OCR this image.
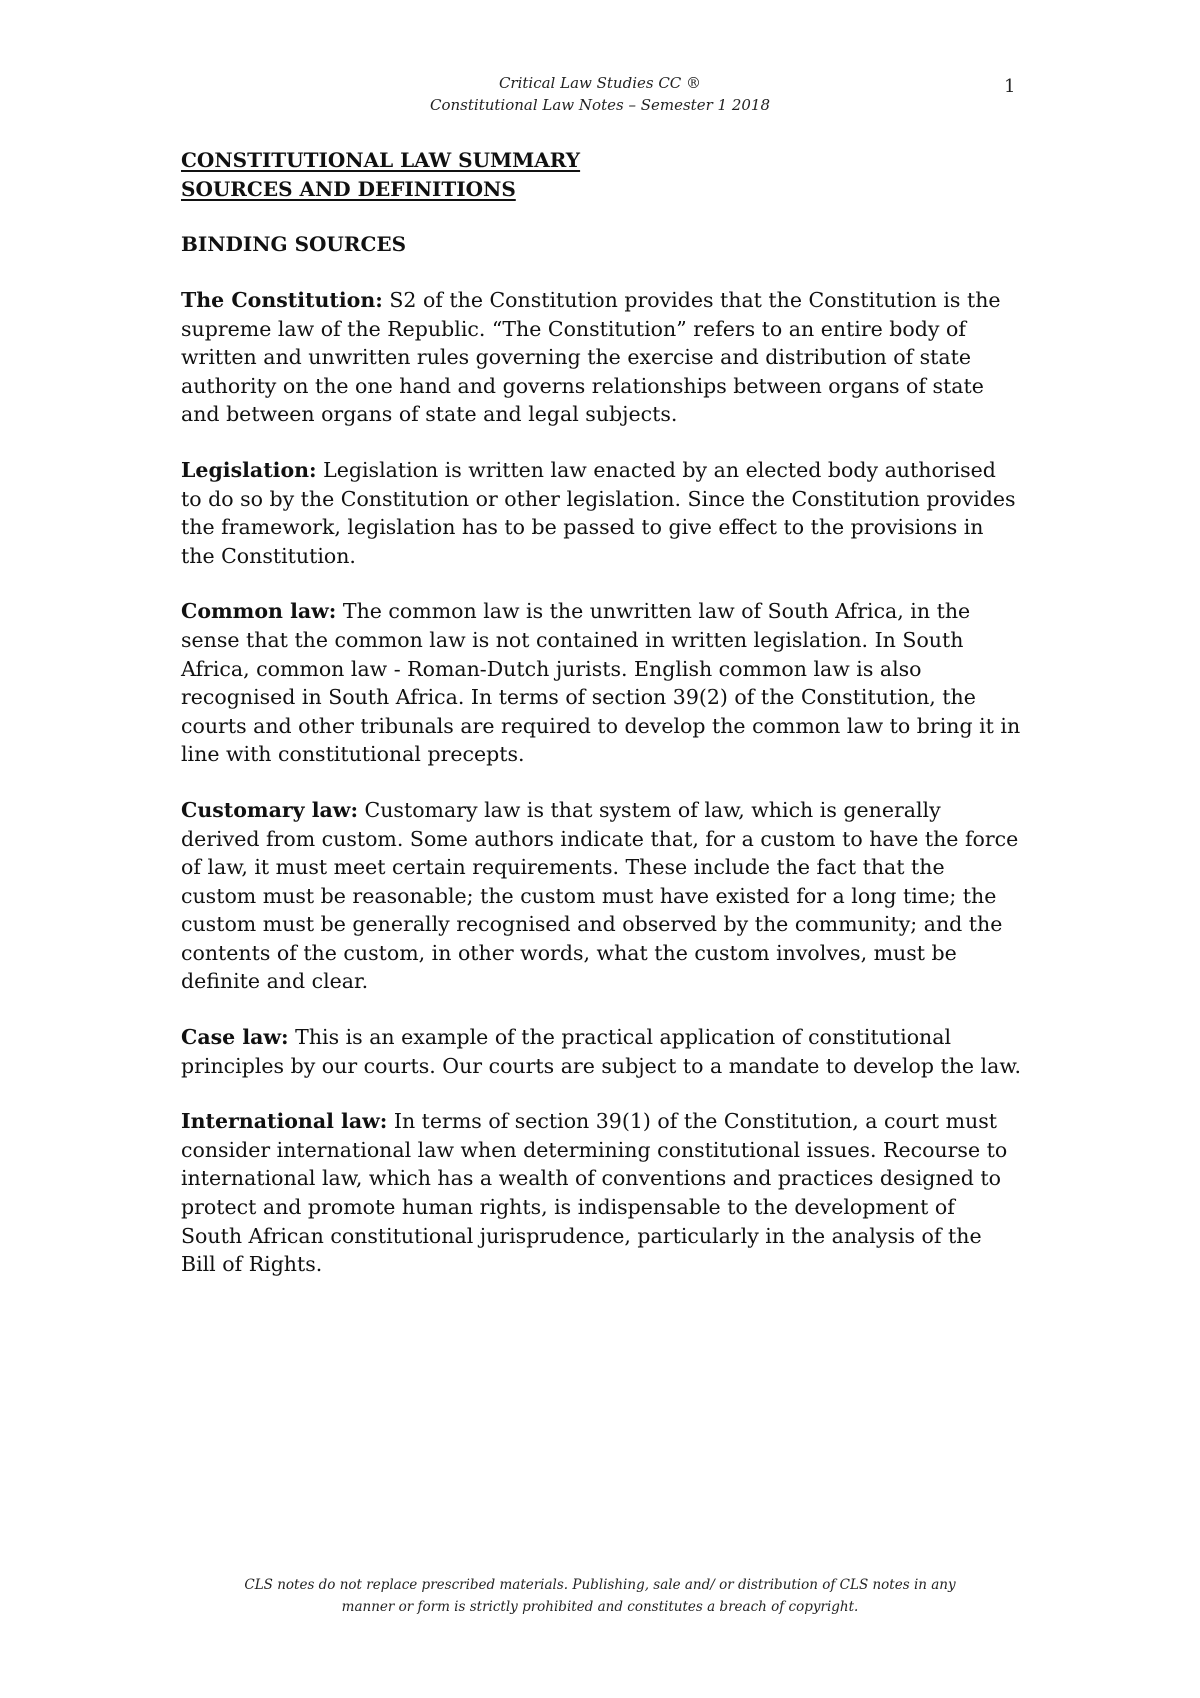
Critical Law Studies CC ®
Constitutional Law Notes – Semester 1 2018
1

CONSTITUTIONAL LAW SUMMARY

SOURCES AND DEFINITIONS

BINDING SOURCES

The Constitution: S2 of the Constitution provides that the Constitution is the supreme law of the Republic. “The Constitution” refers to an entire body of written and unwritten rules governing the exercise and distribution of state authority on the one hand and governs relationships between organs of state and between organs of state and legal subjects.

Legislation: Legislation is written law enacted by an elected body authorised to do so by the Constitution or other legislation. Since the Constitution provides the framework, legislation has to be passed to give effect to the provisions in the Constitution.

Common law: The common law is the unwritten law of South Africa, in the sense that the common law is not contained in written legislation. In South Africa, common law - Roman-Dutch jurists. English common law is also recognised in South Africa. In terms of section 39(2) of the Constitution, the courts and other tribunals are required to develop the common law to bring it in line with constitutional precepts.

Customary law: Customary law is that system of law, which is generally derived from custom. Some authors indicate that, for a custom to have the force of law, it must meet certain requirements. These include the fact that the custom must be reasonable; the custom must have existed for a long time; the custom must be generally recognised and observed by the community; and the contents of the custom, in other words, what the custom involves, must be definite and clear.

Case law: This is an example of the practical application of constitutional principles by our courts. Our courts are subject to a mandate to develop the law.

International law: In terms of section 39(1) of the Constitution, a court must consider international law when determining constitutional issues. Recourse to international law, which has a wealth of conventions and practices designed to protect and promote human rights, is indispensable to the development of South African constitutional jurisprudence, particularly in the analysis of the Bill of Rights.

CLS notes do not replace prescribed materials. Publishing, sale and/ or distribution of CLS notes in any
manner or form is strictly prohibited and constitutes a breach of copyright.
